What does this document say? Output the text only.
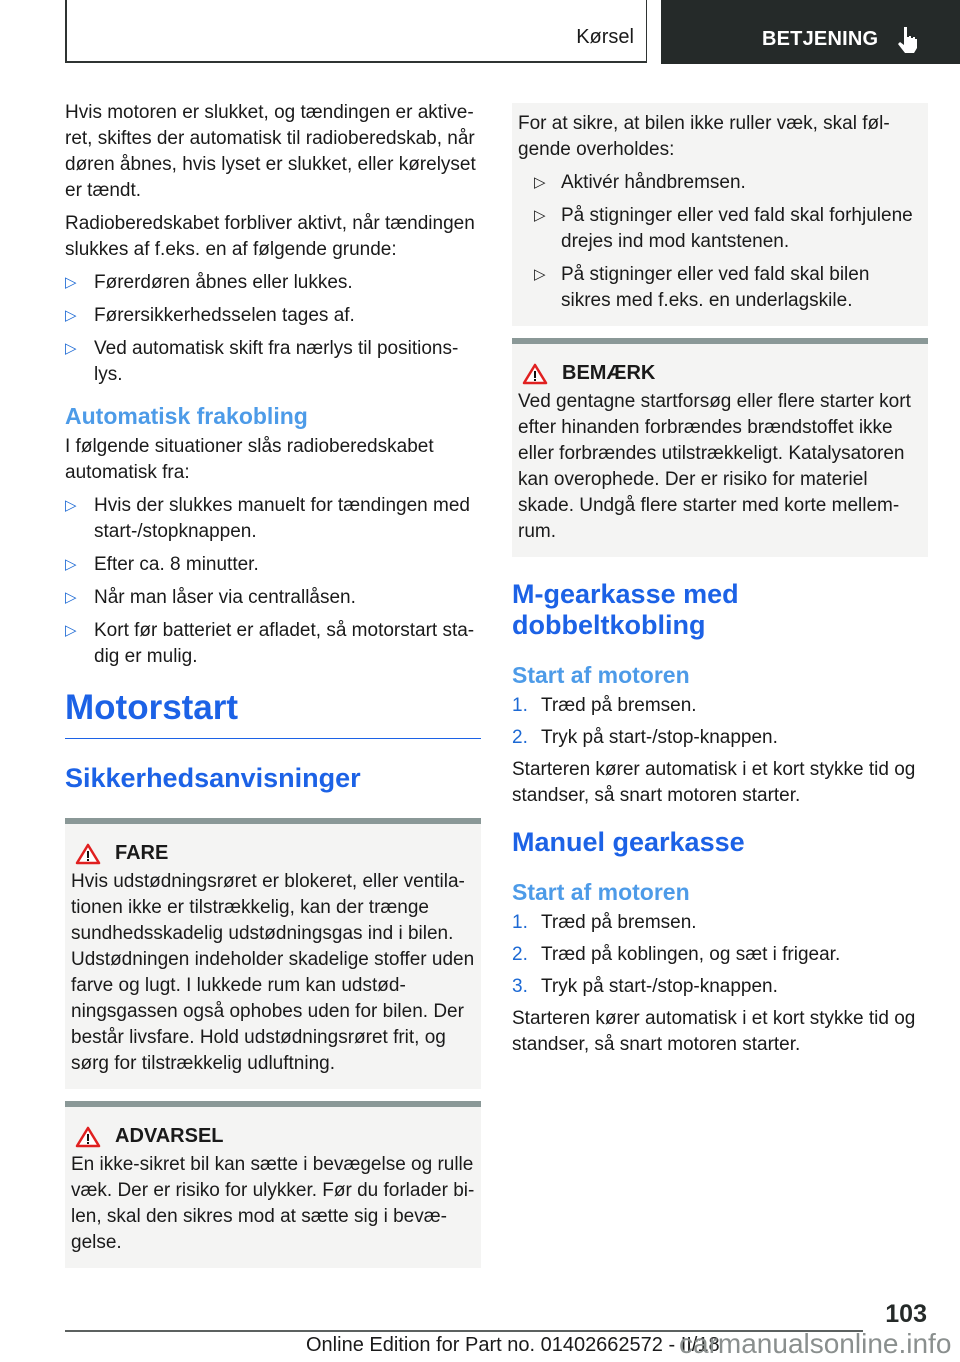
Kørsel	BETJENING

Hvis motoren er slukket, og tændingen er aktive-ret, skiftes der automatisk til radioberedskab, når døren åbnes, hvis lyset er slukket, eller kørelyset er tændt.

Radioberedskabet forbliver aktivt, når tændingen slukkes af f.eks. en af følgende grunde:

▷ Førerdøren åbnes eller lukkes.
▷ Førersikkerhedsselen tages af.
▷ Ved automatisk skift fra nærlys til positions-lys.
Automatisk frakobling

I følgende situationer slås radioberedskabet automatisk fra:

▷ Hvis der slukkes manuelt for tændingen med start-/stopknappen.
▷ Efter ca. 8 minutter.
▷ Når man låser via centrallåsen.
▷ Kort før batteriet er afladet, så motorstart sta-dig er mulig.
Motorstart
Sikkerhedsanvisninger
FARE

Hvis udstødningsrøret er blokeret, eller ventila-tionen ikke er tilstrækkelig, kan der trænge sundhedsskadelig udstødningsgas ind i bilen. Udstødningen indeholder skadelige stoffer uden farve og lugt. I lukkede rum kan udstød-ningsgassen også ophobes uden for bilen. Der består livsfare. Hold udstødningsrøret frit, og sørg for tilstrækkelig udluftning.

ADVARSEL

En ikke-sikret bil kan sætte i bevægelse og rulle væk. Der er risiko for ulykker. Før du forlader bi-len, skal den sikres mod at sætte sig i bevæ-gelse.

For at sikre, at bilen ikke ruller væk, skal føl-gende overholdes:

▷ Aktivér håndbremsen.
▷ På stigninger eller ved fald skal forhjulene drejes ind mod kantstenen.
▷ På stigninger eller ved fald skal bilen sikres med f.eks. en underlagskile.
BEMÆRK

Ved gentagne startforsøg eller flere starter kort efter hinanden forbrændes brændstoffet ikke eller forbrændes utilstrækkeligt. Katalysatoren kan overophede. Der er risiko for materiel skade. Undgå flere starter med korte mellem-rum.

M-gearkasse med dobbeltkobling
Start af motoren
1. Træd på bremsen.
2. Tryk på start-/stop-knappen.

Starteren kører automatisk i et kort stykke tid og standser, så snart motoren starter.

Manuel gearkasse
Start af motoren
1. Træd på bremsen.
2. Træd på koblingen, og sæt i frigear.
3. Tryk på start-/stop-knappen.

Starteren kører automatisk i et kort stykke tid og standser, så snart motoren starter.

103
Online Edition for Part no. 01402662572 - II/18
carmanualsonline.info
